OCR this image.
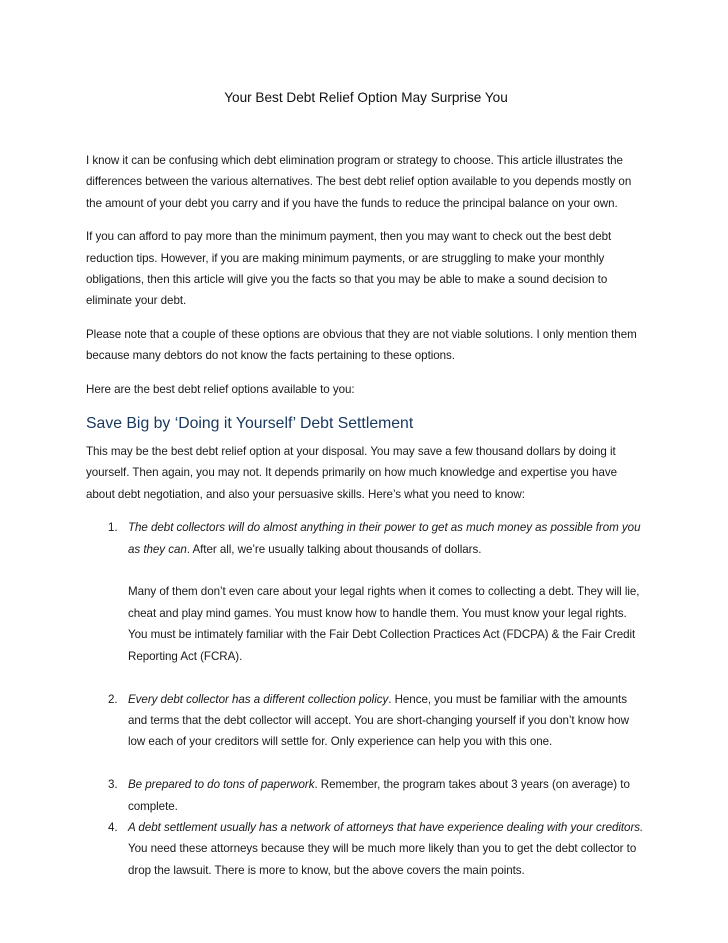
Your Best Debt Relief Option May Surprise You

I know it can be confusing which debt elimination program or strategy to choose. This article illustrates the differences between the various alternatives. The best debt relief option available to you depends mostly on the amount of your debt you carry and if you have the funds to reduce the principal balance on your own.

If you can afford to pay more than the minimum payment, then you may want to check out the best debt reduction tips. However, if you are making minimum payments, or are struggling to make your monthly obligations, then this article will give you the facts so that you may be able to make a sound decision to eliminate your debt.

Please note that a couple of these options are obvious that they are not viable solutions. I only mention them because many debtors do not know the facts pertaining to these options.

Here are the best debt relief options available to you:

Save Big by ‘Doing it Yourself’ Debt Settlement

This may be the best debt relief option at your disposal. You may save a few thousand dollars by doing it yourself. Then again, you may not. It depends primarily on how much knowledge and expertise you have about debt negotiation, and also your persuasive skills. Here’s what you need to know:

1. The debt collectors will do almost anything in their power to get as much money as possible from you as they can. After all, we’re usually talking about thousands of dollars.
Many of them don’t even care about your legal rights when it comes to collecting a debt. They will lie, cheat and play mind games. You must know how to handle them. You must know your legal rights. You must be intimately familiar with the Fair Debt Collection Practices Act (FDCPA) & the Fair Credit Reporting Act (FCRA).
2. Every debt collector has a different collection policy. Hence, you must be familiar with the amounts and terms that the debt collector will accept. You are short-changing yourself if you don’t know how low each of your creditors will settle for. Only experience can help you with this one.
3. Be prepared to do tons of paperwork. Remember, the program takes about 3 years (on average) to complete.
4. A debt settlement usually has a network of attorneys that have experience dealing with your creditors. You need these attorneys because they will be much more likely than you to get the debt collector to drop the lawsuit. There is more to know, but the above covers the main points.
